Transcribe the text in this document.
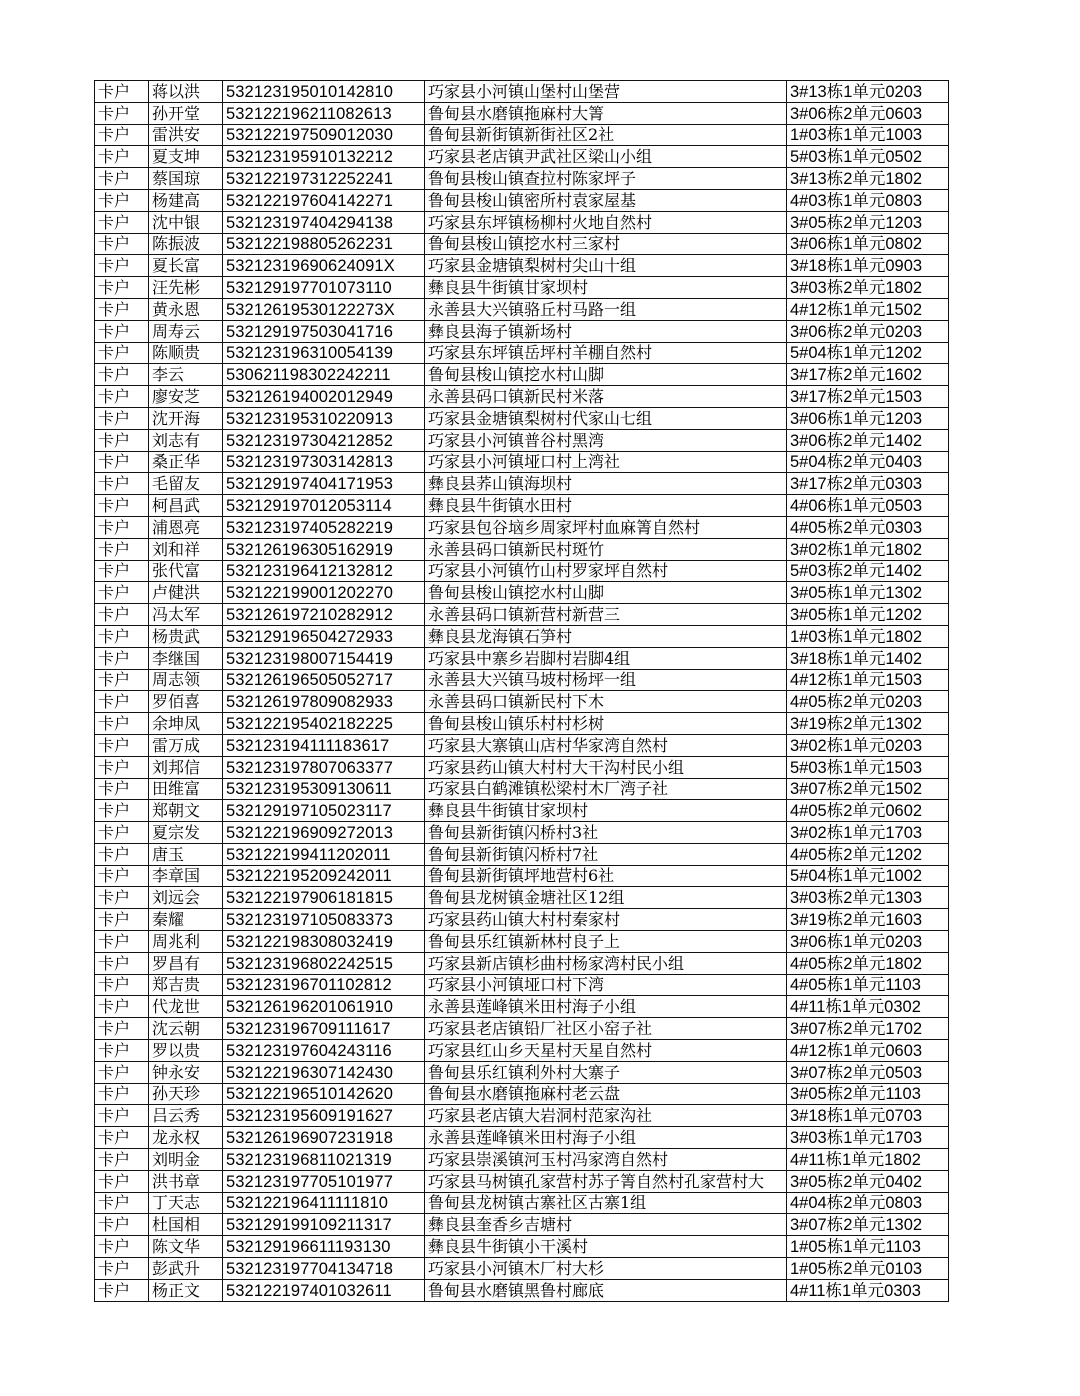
卡户	蒋以洪	532123195010142810	巧家县小河镇山堡村山堡营	3#13栋1单元0203
卡户	孙开堂	532122196211082613	鲁甸县水磨镇拖麻村大箐	3#06栋2单元0603
卡户	雷洪安	532122197509012030	鲁甸县新街镇新街社区2社	1#03栋1单元1003
卡户	夏支坤	532123195910132212	巧家县老店镇尹武社区梁山小组	5#03栋1单元0502
卡户	蔡国琼	532122197312252241	鲁甸县梭山镇查拉村陈家坪子	3#13栋2单元1802
卡户	杨建高	532122197604142271	鲁甸县梭山镇密所村袁家屋基	4#03栋1单元0803
卡户	沈中银	532123197404294138	巧家县东坪镇杨柳村火地自然村	3#05栋2单元1203
卡户	陈振波	532122198805262231	鲁甸县梭山镇挖水村三家村	3#06栋1单元0802
卡户	夏长富	53212319690624091X	巧家县金塘镇梨树村尖山十组	3#18栋1单元0903
卡户	汪先彬	532129197701073110	彝良县牛街镇甘家坝村	3#03栋2单元1802
卡户	黄永恩	53212619530122273X	永善县大兴镇骆丘村马路一组	4#12栋1单元1502
卡户	周寿云	532129197503041716	彝良县海子镇新场村	3#06栋2单元0203
卡户	陈顺贵	532123196310054139	巧家县东坪镇岳坪村羊棚自然村	5#04栋1单元1202
卡户	李云	530621198302242211	鲁甸县梭山镇挖水村山脚	3#17栋2单元1602
卡户	廖安芝	532126194002012949	永善县码口镇新民村米落	3#17栋2单元1503
卡户	沈开海	532123195310220913	巧家县金塘镇梨树村代家山七组	3#06栋1单元1203
卡户	刘志有	532123197304212852	巧家县小河镇普谷村黑湾	3#06栋2单元1402
卡户	桑正华	532123197303142813	巧家县小河镇垭口村上湾社	5#04栋2单元0403
卡户	毛留友	532129197404171953	彝良县荞山镇海坝村	3#17栋2单元0303
卡户	柯昌武	532129197012053114	彝良县牛街镇水田村	4#06栋1单元0503
卡户	浦恩亮	532123197405282219	巧家县包谷垴乡周家坪村血麻箐自然村	4#05栋2单元0303
卡户	刘和祥	532126196305162919	永善县码口镇新民村斑竹	3#02栋1单元1802
卡户	张代富	532123196412132812	巧家县小河镇竹山村罗家坪自然村	5#03栋2单元1402
卡户	卢健洪	532122199001202270	鲁甸县梭山镇挖水村山脚	3#05栋1单元1302
卡户	冯太军	532126197210282912	永善县码口镇新营村新营三	3#05栋1单元1202
卡户	杨贵武	532129196504272933	彝良县龙海镇石笋村	1#03栋1单元1802
卡户	李继国	532123198007154419	巧家县中寨乡岩脚村岩脚4组	3#18栋1单元1402
卡户	周志领	532126196505052717	永善县大兴镇马坡村杨坪一组	4#12栋1单元1503
卡户	罗佰喜	532126197809082933	永善县码口镇新民村下木	4#05栋2单元0203
卡户	余坤凤	532122195402182225	鲁甸县梭山镇乐村村杉树	3#19栋2单元1302
卡户	雷万成	532123194111183617	巧家县大寨镇山店村华家湾自然村	3#02栋1单元0203
卡户	刘邦信	532123197807063377	巧家县药山镇大村村大干沟村民小组	5#03栋1单元1503
卡户	田维富	532123195309130611	巧家县白鹤滩镇松梁村木厂湾子社	3#07栋2单元1502
卡户	郑朝文	532129197105023117	彝良县牛街镇甘家坝村	4#05栋2单元0602
卡户	夏宗发	532122196909272013	鲁甸县新街镇闪桥村3社	3#02栋1单元1703
卡户	唐玉	532122199411202011	鲁甸县新街镇闪桥村7社	4#05栋2单元1202
卡户	李章国	532122195209242011	鲁甸县新街镇坪地营村6社	5#04栋1单元1002
卡户	刘远会	532122197906181815	鲁甸县龙树镇金塘社区12组	3#03栋2单元1303
卡户	秦耀	532123197105083373	巧家县药山镇大村村秦家村	3#19栋2单元1603
卡户	周兆利	532122198308032419	鲁甸县乐红镇新林村良子上	3#06栋1单元0203
卡户	罗昌有	532123196802242515	巧家县新店镇杉曲村杨家湾村民小组	4#05栋2单元1802
卡户	郑吉贵	532123196701102812	巧家县小河镇垭口村下湾	4#05栋1单元1103
卡户	代龙世	532126196201061910	永善县莲峰镇米田村海子小组	4#11栋1单元0302
卡户	沈云朝	532123196709111617	巧家县老店镇铅厂社区小窑子社	3#07栋2单元1702
卡户	罗以贵	532123197604243116	巧家县红山乡天星村天星自然村	4#12栋1单元0603
卡户	钟永安	532122196307142430	鲁甸县乐红镇利外村大寨子	3#07栋2单元0503
卡户	孙天珍	532122196510142620	鲁甸县水磨镇拖麻村老云盘	3#05栋2单元1103
卡户	吕云秀	532123195609191627	巧家县老店镇大岩洞村范家沟社	3#18栋1单元0703
卡户	龙永权	532126196907231918	永善县莲峰镇米田村海子小组	3#03栋1单元1703
卡户	刘明金	532123196811021319	巧家县崇溪镇河玉村冯家湾自然村	4#11栋1单元1802
卡户	洪书章	532123197705101977	巧家县马树镇孔家营村苏子箐自然村孔家营村大	3#05栋2单元0402
卡户	丁天志	532122196411111810	鲁甸县龙树镇古寨社区古寨1组	4#04栋2单元0803
卡户	杜国相	532129199109211317	彝良县奎香乡吉塘村	3#07栋2单元1302
卡户	陈文华	532129196611193130	彝良县牛街镇小干溪村	1#05栋1单元1103
卡户	彭武升	532123197704134718	巧家县小河镇木厂村大杉	1#05栋2单元0103
卡户	杨正文	532122197401032611	鲁甸县水磨镇黑鲁村廊底	4#11栋1单元0303
